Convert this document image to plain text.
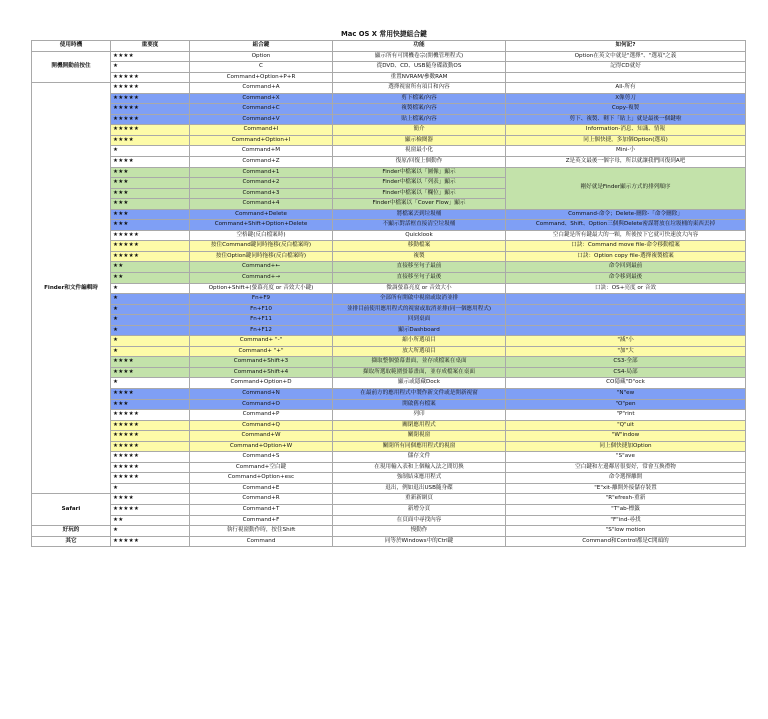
Mac OS X 常用快捷組合鍵
使用時機	重要度	組合鍵	功能	如何記?
開機開動前按住	★★★★	Option	顯示所有可開機卷宗(開機管理程式)	Option在英文中就是"選擇"、"選項"之義
	★	C	從DVD、CD、USB隨身碟啟動OS	記得CD就好
	★★★★★	Command+Option+P+R	重置NVRAM/參數RAM	
Finder和文件編輯時	★★★★★	Command+A	選擇視窗所有項目和內容	All-所有
	★★★★★	Command+X	剪下檔案/內容	X像剪刀
	★★★★★	Command+C	複製檔案/內容	Copy-複製
	★★★★★	Command+V	貼上檔案/內容	剪下、複製、剩下「貼上」就是最後一個鍵啦
	★★★★★	Command+I	簡介	Information-消息、知識、情報
	★★★★	Command+Option+I	顯示檢閱器	同上個快捷，多加個Option(選項)
	★	Command+M	視窗最小化	Mini-小
	★★★★	Command+Z	復原/回復上個動作	Z是英文最後一個字母，所以就讓我們回復到A吧
	★★★	Command+1	Finder中檔案以「圖像」顯示	剛好就是Finder顯示方式的排列順序
	★★★	Command+2	Finder中檔案以「列表」顯示	
	★★★	Command+3	Finder中檔案以「欄位」顯示	
	★★★	Command+4	Finder中檔案以「Cover Flow」顯示	
	★★★	Command+Delete	將檔案丟到垃圾桶	Command-命令；Delete-刪除-「命令刪除」
	★★★	Command+Shift+Option+Delete	不顯示對話框直接清空垃圾桶	Command、Shift、Option三個與Delete密謀將放在垃圾桶的東西丟掉
	★★★★★	空格鍵(反白檔案時)	Quicklook	空白鍵是所有鍵最大的一顆，所後按下它就可快速放大內容
	★★★★★	按住Command鍵同時拖移(反白檔案時)	移動檔案	口訣：Command move file-命令移動檔案
	★★★★★	按住Option鍵同時拖移(反白檔案時)	複製	口訣：Option copy file-選擇複製檔案
	★★	Command+←	直接移至句子最前	命令回到最前
	★★	Command+→	直接移至句子最後	命令移到最後
	★	Option+Shift+(螢幕亮度 or 音效大小鍵)	微調螢幕亮度 or 音效大小	口訣：OS+亮度 or 音效
	★	Fn+F9	全部所有開啟中視窗或取消並排	
	★	Fn+F10	並排目前使用應用程式的視窗或取消並排(同一個應用程式)	
	★	Fn+F11	回到桌面	
	★	Fn+F12	顯示Dashboard	
	★	Command+ "-"	縮小所選項目	"減"小
	★	Command+ "+"	放大所選項目	"加"大
	★★★★	Command+Shift+3	擷取整個螢幕畫面，並存成檔案在桌面	CS3-全部
	★★★★	Command+Shift+4	擷取所選取範圍螢幕畫面，並存成檔案在桌面	CS4-局部
	★	Command+Option+D	顯示或隱藏Dock	CO隱藏"D"ock
	★★★★	Command+N	在最前方的應用程式中製作新文件或是開新視窗	"N"ew
	★★★	Command+O	開啟舊有檔案	"O"pen
	★★★★★	Command+P	列印	"P"rint
	★★★★★	Command+Q	關閉應用程式	"Q"uit
	★★★★★	Command+W	關閉視窗	"W"indow
	★★★★★	Command+Option+W	關閉所有同個應用程式的視窗	同上個快捷加Option
	★★★★★	Command+S	儲存文件	"S"ave
	★★★★★	Command+空白鍵	在現用輸入表和上個輸入法之間切換	空白鍵和左邊鄰居很要好，常會互換禮物
	★★★★★	Command+Option+esc	強制結束應用程式	命令選擇離開
	★	Command+E	退出，例如退出USB隨身碟	"E"xit-離開外接儲存裝置
Safari	★★★★	Command+R	重新新網頁	"R"efresh-重新
	★★★★★	Command+T	新增分頁	"T"ab-標籤
	★★	Command+F	在頁面中尋找內容	"F"ind-尋找
好玩的	★	執行視窗動作時，按住Shift	慢動作	"S"low motion
其它	★★★★★	Command	同等於Windows中的Ctrl鍵	Command和Control都是C開頭的
